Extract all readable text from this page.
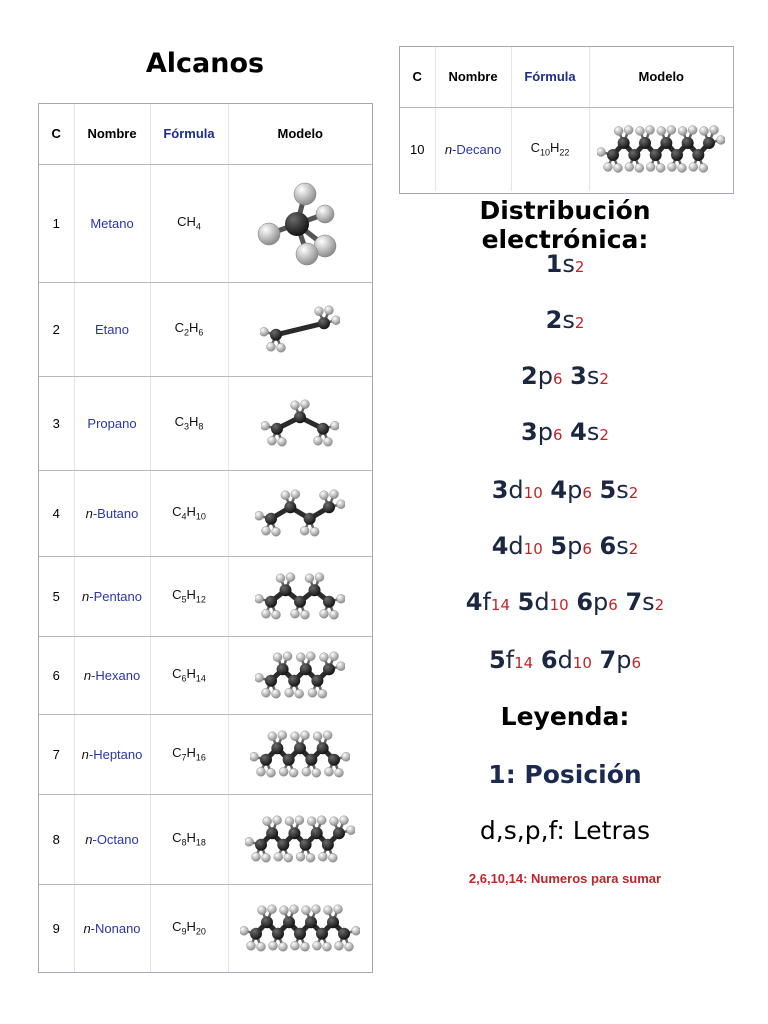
Alcanos
C	Nombre	Fórmula	Modelo
1	Metano	$CH_4$	

2	Etano	$C_2H_6$	

3	Propano	$C_3H_8$	

4	n-Butano	$C_4H_{10}$	

5	n-Pentano	$C_5H_{12}$	

6	n-Hexano	$C_6H_{14}$	

7	n-Heptano	$C_7H_{16}$	

8	n-Octano	$C_8H_{18}$	

9	n-Nonano	$C_9H_{20}$	
C	Nombre	Fórmula	Modelo
10	n-Decano	$C_{10}H_{22}$	
Distribución electrónica:
1s2
2s2
2p6 3s2
3p6 4s2
3d10 4p6 5s2
4d10 5p6 6s2
4f14 5d10 6p6 7s2
5f14 6d10 7p6
Leyenda:
1: Posición
d,s,p,f: Letras
2,6,10,14: Numeros para sumar
